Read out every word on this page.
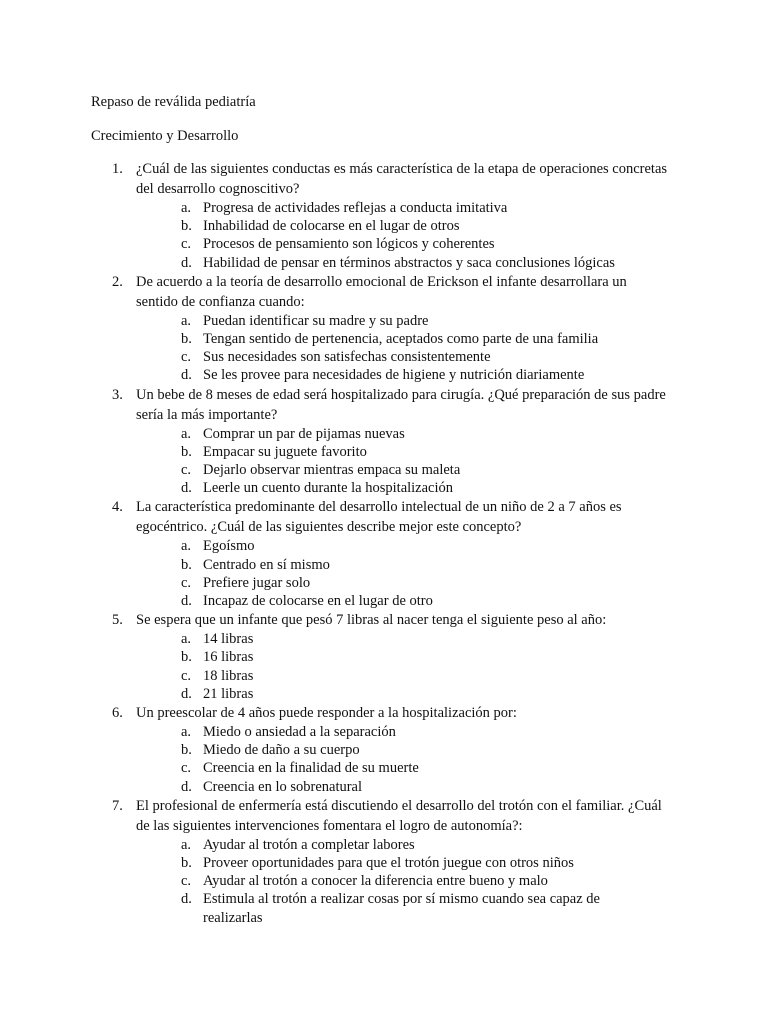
Repaso de reválida pediatría
Crecimiento y Desarrollo
1. ¿Cuál de las siguientes conductas es más característica de la etapa de operaciones concretas del desarrollo cognoscitivo?
a. Progresa de actividades reflejas a conducta imitativa
b. Inhabilidad de colocarse en el lugar de otros
c. Procesos de pensamiento son lógicos y coherentes
d. Habilidad de pensar en términos abstractos y saca conclusiones lógicas
2. De acuerdo a la teoría de desarrollo emocional de Erickson el infante desarrollara un sentido de confianza cuando:
a. Puedan identificar su madre y su padre
b. Tengan sentido de pertenencia, aceptados como parte de una familia
c. Sus necesidades son satisfechas consistentemente
d. Se les provee para necesidades de higiene y nutrición diariamente
3. Un bebe de 8 meses de edad será hospitalizado para cirugía. ¿Qué preparación de sus padre sería la más importante?
a. Comprar un par de pijamas nuevas
b. Empacar su juguete favorito
c. Dejarlo observar mientras empaca su maleta
d. Leerle un cuento durante la hospitalización
4. La característica predominante del desarrollo intelectual de un niño de 2 a 7 años es egocéntrico. ¿Cuál de las siguientes describe mejor este concepto?
a. Egoísmo
b. Centrado en sí mismo
c. Prefiere jugar solo
d. Incapaz de colocarse en el lugar de otro
5. Se espera que un infante que pesó 7 libras al nacer tenga el siguiente peso al año:
a. 14 libras
b. 16 libras
c. 18 libras
d. 21 libras
6. Un preescolar de 4 años puede responder a la hospitalización por:
a. Miedo o ansiedad a la separación
b. Miedo de daño a su cuerpo
c. Creencia en la finalidad de su muerte
d. Creencia en lo sobrenatural
7. El profesional de enfermería está discutiendo el desarrollo del trotón con el familiar. ¿Cuál de las siguientes intervenciones fomentara el logro de autonomía?:
a. Ayudar al trotón a completar labores
b. Proveer oportunidades para que el trotón juegue con otros niños
c. Ayudar al trotón a conocer la diferencia entre bueno y malo
d. Estimula al trotón a realizar cosas por sí mismo cuando sea capaz de realizarlas
